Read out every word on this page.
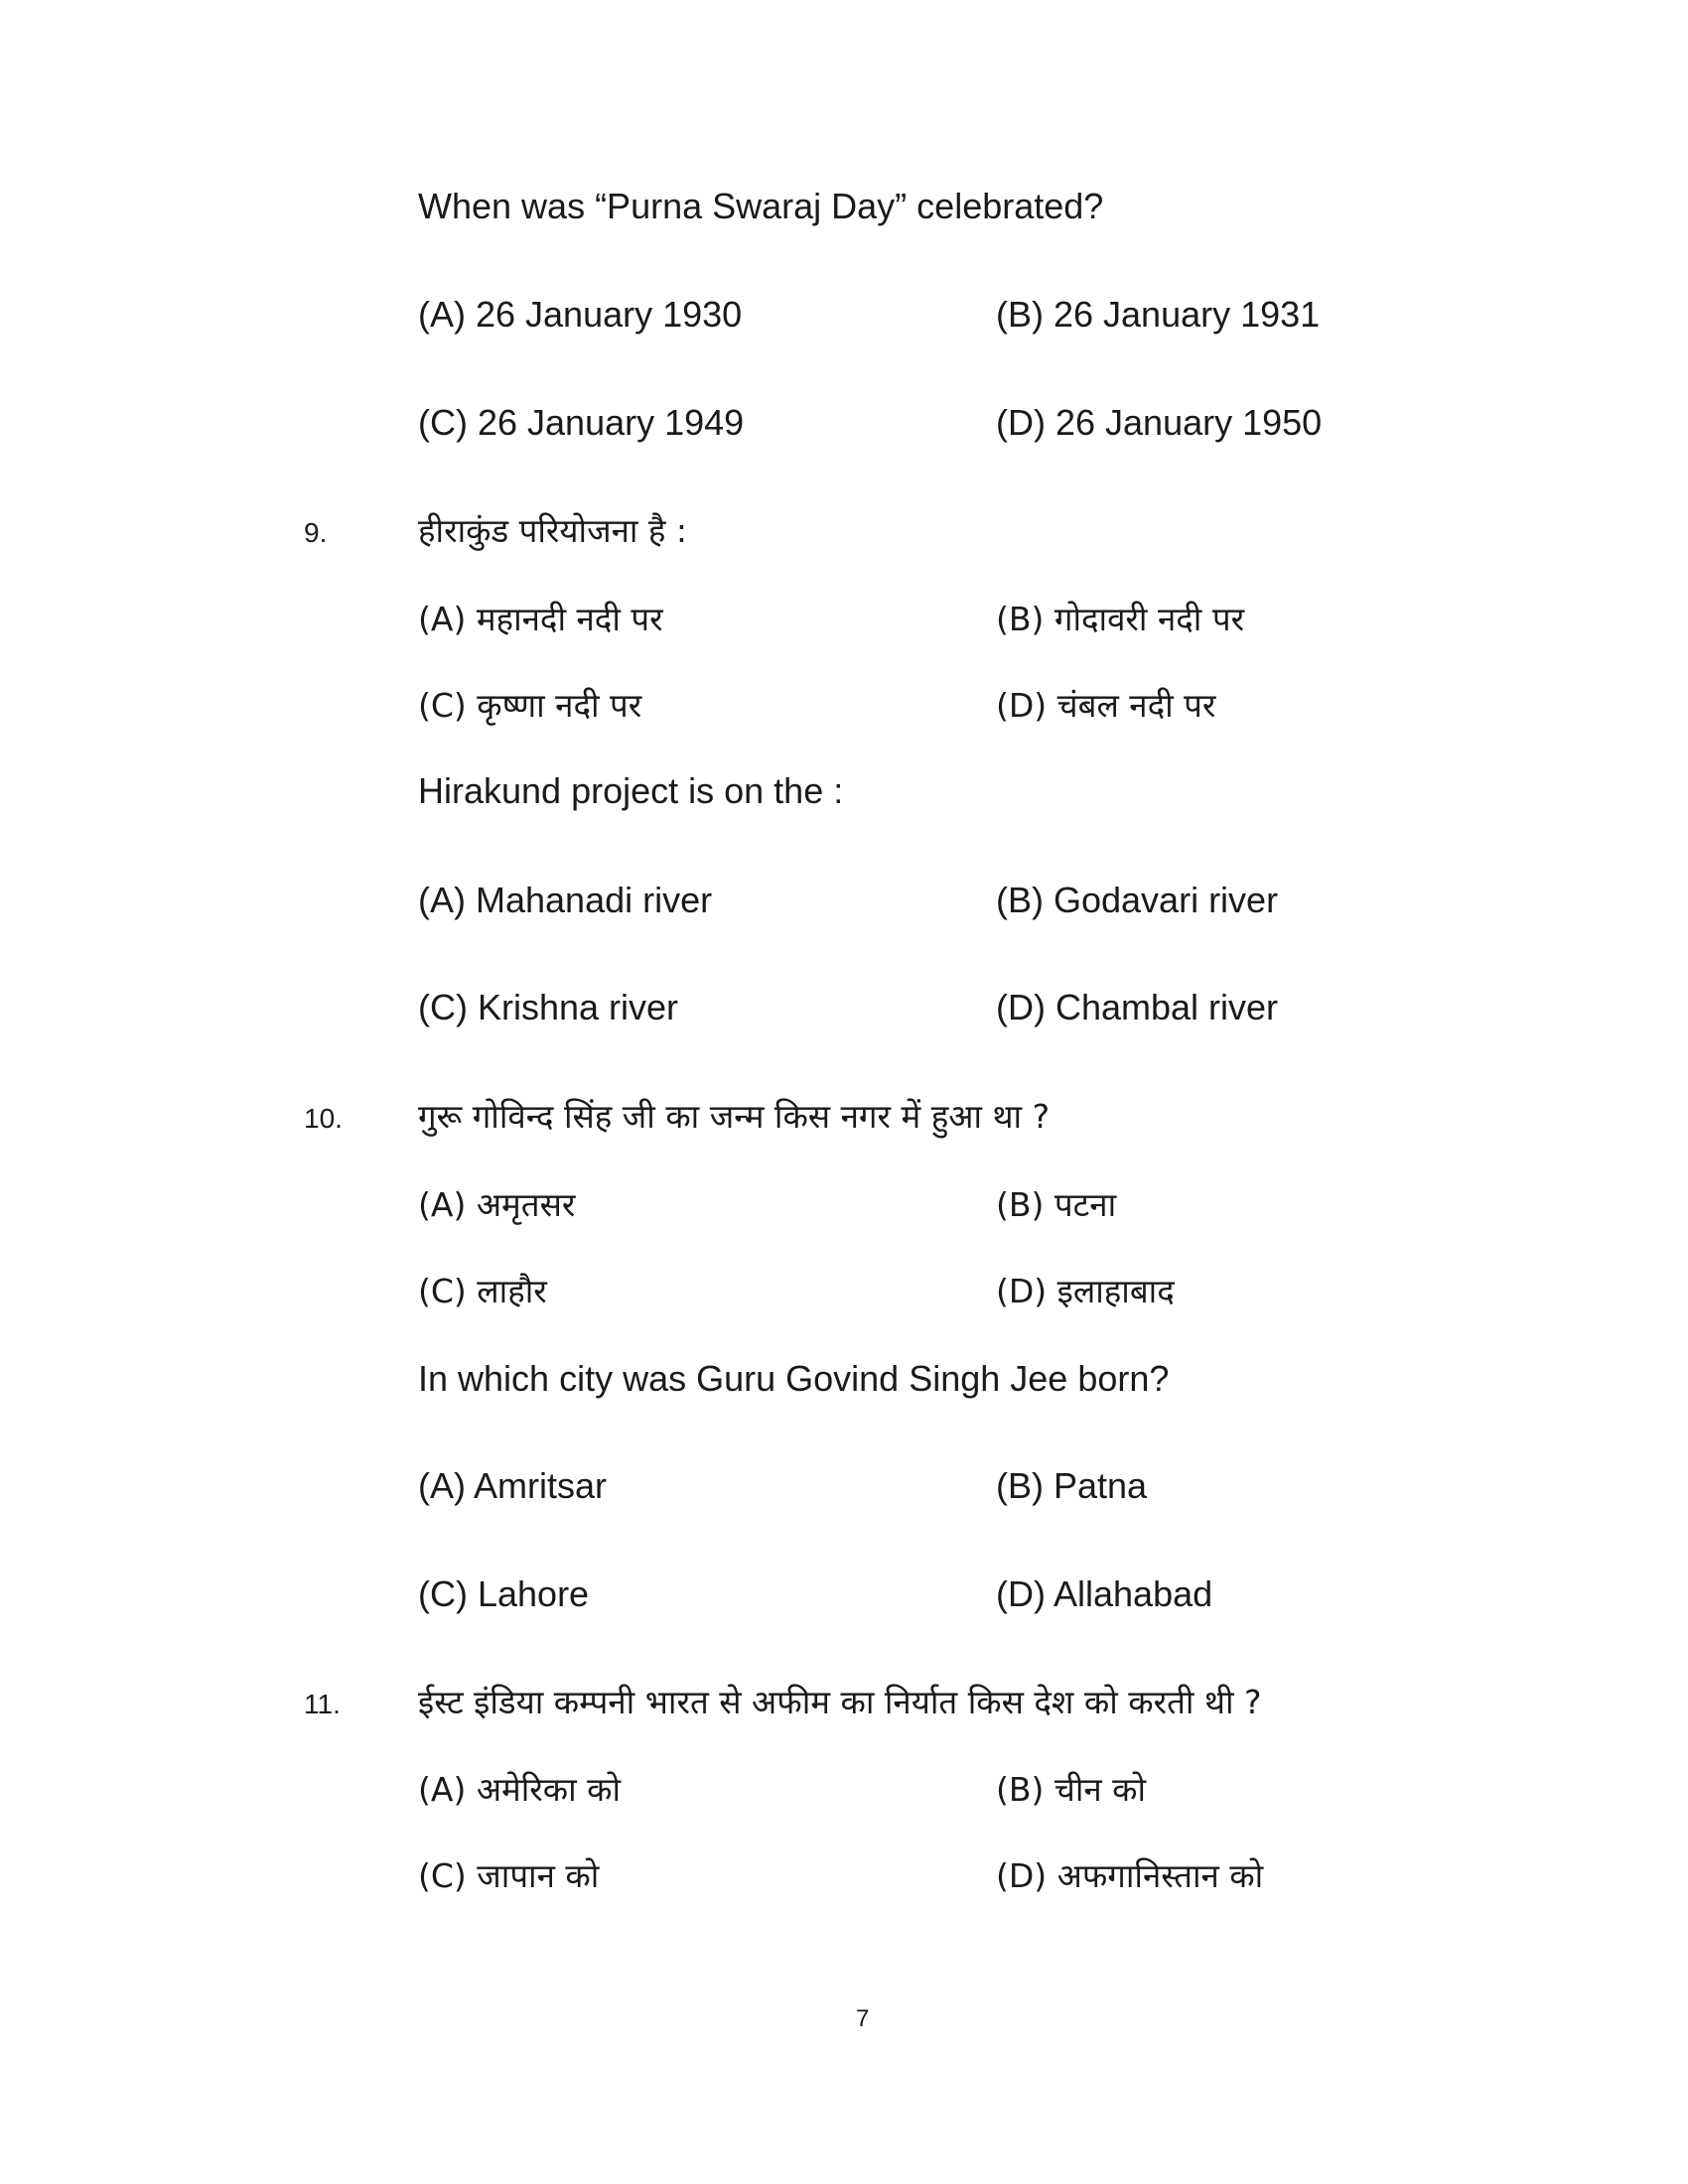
When was “Purna Swaraj Day” celebrated?
(A) 26 January 1930	(B) 26 January 1931
(C) 26 January 1949	(D) 26 January 1950
9.	हीराकुंड परियोजना है :
(A) महानदी नदी पर	(B) गोदावरी नदी पर
(C) कृष्णा नदी पर	(D) चंबल नदी पर
Hirakund project is on the :
(A) Mahanadi river	(B) Godavari river
(C) Krishna river	(D) Chambal river
10. गुरू गोविन्द सिंह जी का जन्म किस नगर में हुआ था ?
(A) अमृतसर	(B) पटना
(C) लाहौर	(D) इलाहाबाद
In which city was Guru Govind Singh Jee born?
(A) Amritsar	(B) Patna
(C) Lahore	(D) Allahabad
11. ईस्ट इंडिया कम्पनी भारत से अफीम का निर्यात किस देश को करती थी ?
(A) अमेरिका को	(B) चीन को
(C) जापान को	(D) अफगानिस्तान को
7
